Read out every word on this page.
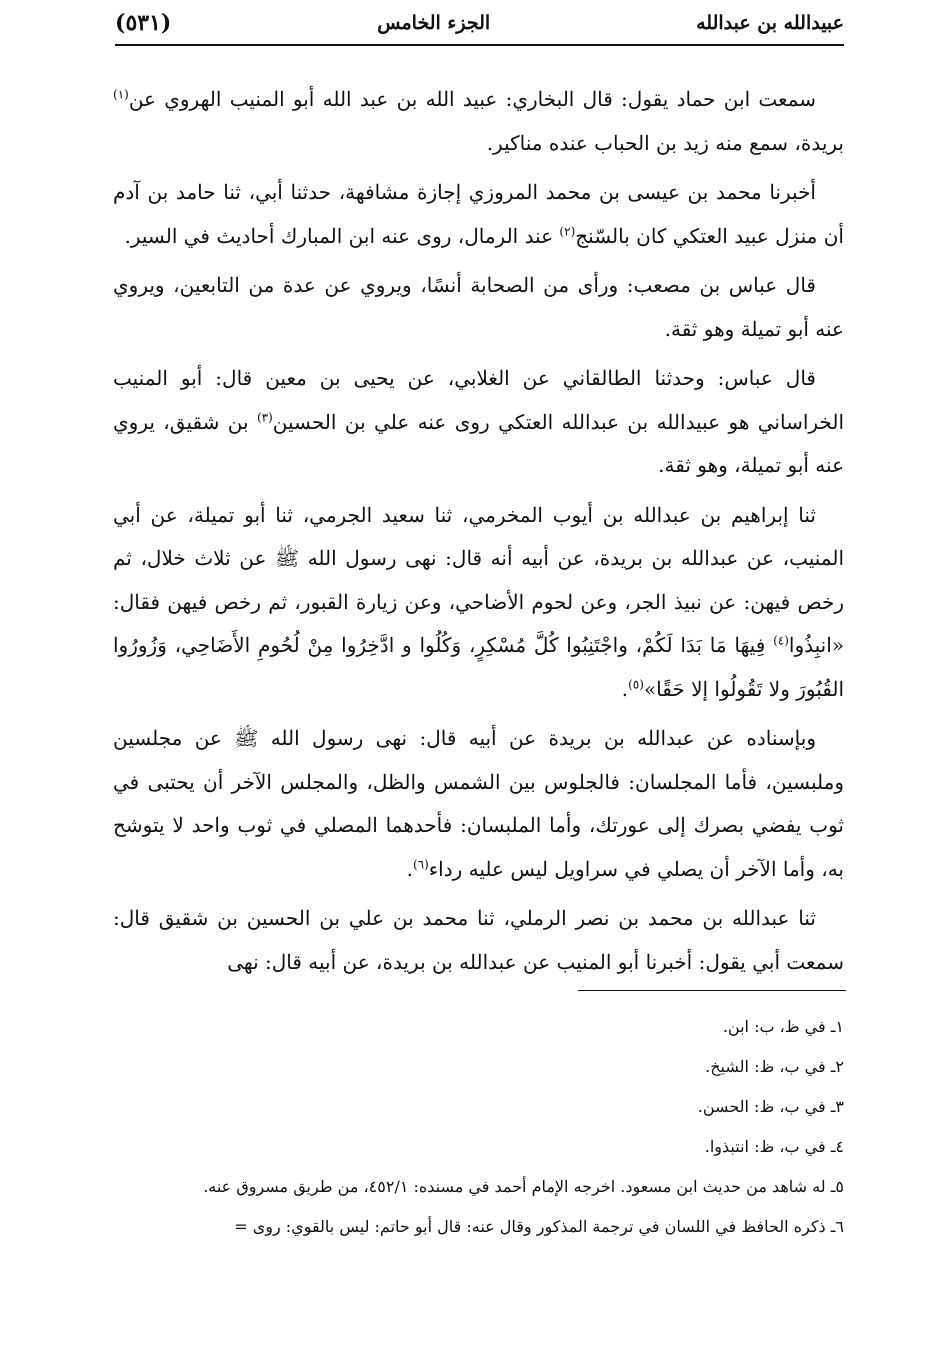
عبيدالله بن عبدالله
الجزء الخامس
(٥٣١)

سمعت ابن حماد يقول: قال البخاري: عبيد الله بن عبد الله أبو المنيب الهروي عن$^{(١)}$ بريدة، سمع منه زيد بن الحباب عنده مناكير.

أخبرنا محمد بن عيسى بن محمد المروزي إجازة مشافهة، حدثنا أبي، ثنا حامد بن آدم أن منزل عبيد العتكي كان بالسّنج$^{(٢)}$ عند الرمال، روى عنه ابن المبارك أحاديث في السير.

قال عباس بن مصعب: ورأى من الصحابة أنسًا، ويروي عن عدة من التابعين، ويروي عنه أبو تميلة وهو ثقة.

قال عباس: وحدثنا الطالقاني عن الغلابي، عن يحيى بن معين قال: أبو المنيب الخراساني هو عبيدالله بن عبدالله العتكي روى عنه علي بن الحسين$^{(٣)}$ بن شقيق، يروي عنه أبو تميلة، وهو ثقة.

ثنا إبراهيم بن عبدالله بن أيوب المخرمي، ثنا سعيد الجرمي، ثنا أبو تميلة، عن أبي المنيب، عن عبدالله بن بريدة، عن أبيه أنه قال: نهى رسول الله ﷺ عن ثلاث خلال، ثم رخص فيهن: عن نبيذ الجر، وعن لحوم الأضاحي، وعن زيارة القبور، ثم رخص فيهن فقال: «انبِذُوا$^{(٤)}$ فِيهَا مَا بَدَا لَكُمْ، واجْتَنِبُوا كُلَّ مُسْكِرٍ، وَكُلُوا و ادَّخِرُوا مِنْ لُحُومِ الأَضَاحِي، وَزُورُوا القُبُورَ ولا تَقُولُوا إلا حَقًا»$^{(٥)}$.

وبإسناده عن عبدالله بن بريدة عن أبيه قال: نهى رسول الله ﷺ عن مجلسين وملبسين، فأما المجلسان: فالجلوس بين الشمس والظل، والمجلس الآخر أن يحتبى في ثوب يفضي بصرك إلى عورتك، وأما الملبسان: فأحدهما المصلي في ثوب واحد لا يتوشح به، وأما الآخر أن يصلي في سراويل ليس عليه رداء$^{(٦)}$.

ثنا عبدالله بن محمد بن نصر الرملي، ثنا محمد بن علي بن الحسين بن شقيق قال: سمعت أبي يقول: أخبرنا أبو المنيب عن عبدالله بن بريدة، عن أبيه قال: نهى

١ـ في ظ، ب: ابن.
٢ـ في ب، ظ: الشيخ.
٣ـ في ب، ظ: الحسن.
٤ـ في ب، ظ: انتبذوا.
٥ـ له شاهد من حديث ابن مسعود. اخرجه الإمام أحمد في مسنده: ٤٥٢/١، من طريق مسروق عنه.
٦ـ ذكره الحافظ في اللسان في ترجمة المذكور وقال عنه: قال أبو حاتم: ليس بالقوي: روى =
